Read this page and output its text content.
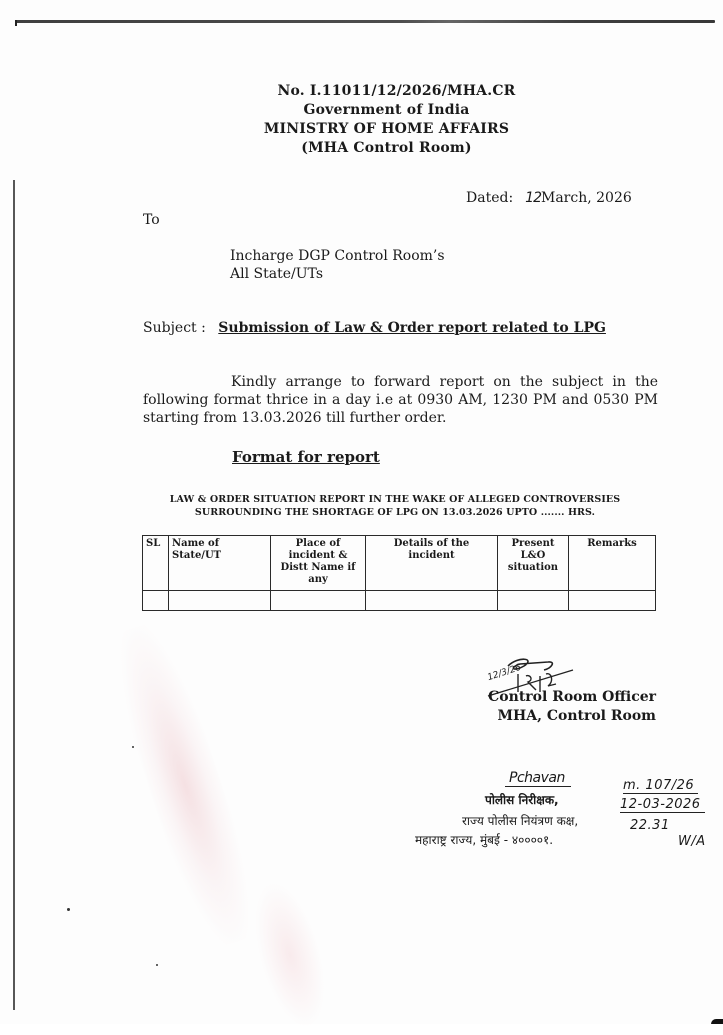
No. I.11011/12/2026/MHA.CR
Government of India
MINISTRY OF HOME AFFAIRS
(MHA Control Room)
Dated: 12March, 2026
To
Incharge DGP Control Room’s
All State/UTs
Subject : Submission of Law & Order report related to LPG
Kindly arrange to forward report on the subject in the following format thrice in a day i.e at 0930 AM, 1230 PM and 0530 PM starting from 13.03.2026 till further order.
Format for report
LAW & ORDER SITUATION REPORT IN THE WAKE OF ALLEGED CONTROVERSIES
SURROUNDING THE SHORTAGE OF LPG ON 13.03.2026 UPTO ....... HRS.
SL	Name of State/UT	Place of incident & Distt Name if any	Details of the incident	Present L&O situation	Remarks

12/3/26
Control Room Officer
MHA, Control Room
Pchavan
पोलीस निरीक्षक,
राज्य पोलीस नियंत्रण कक्ष,
महाराष्ट्र राज्य, मुंबई - ४००००१.
m. 107/26
12-03-2026
22.31
W/A
